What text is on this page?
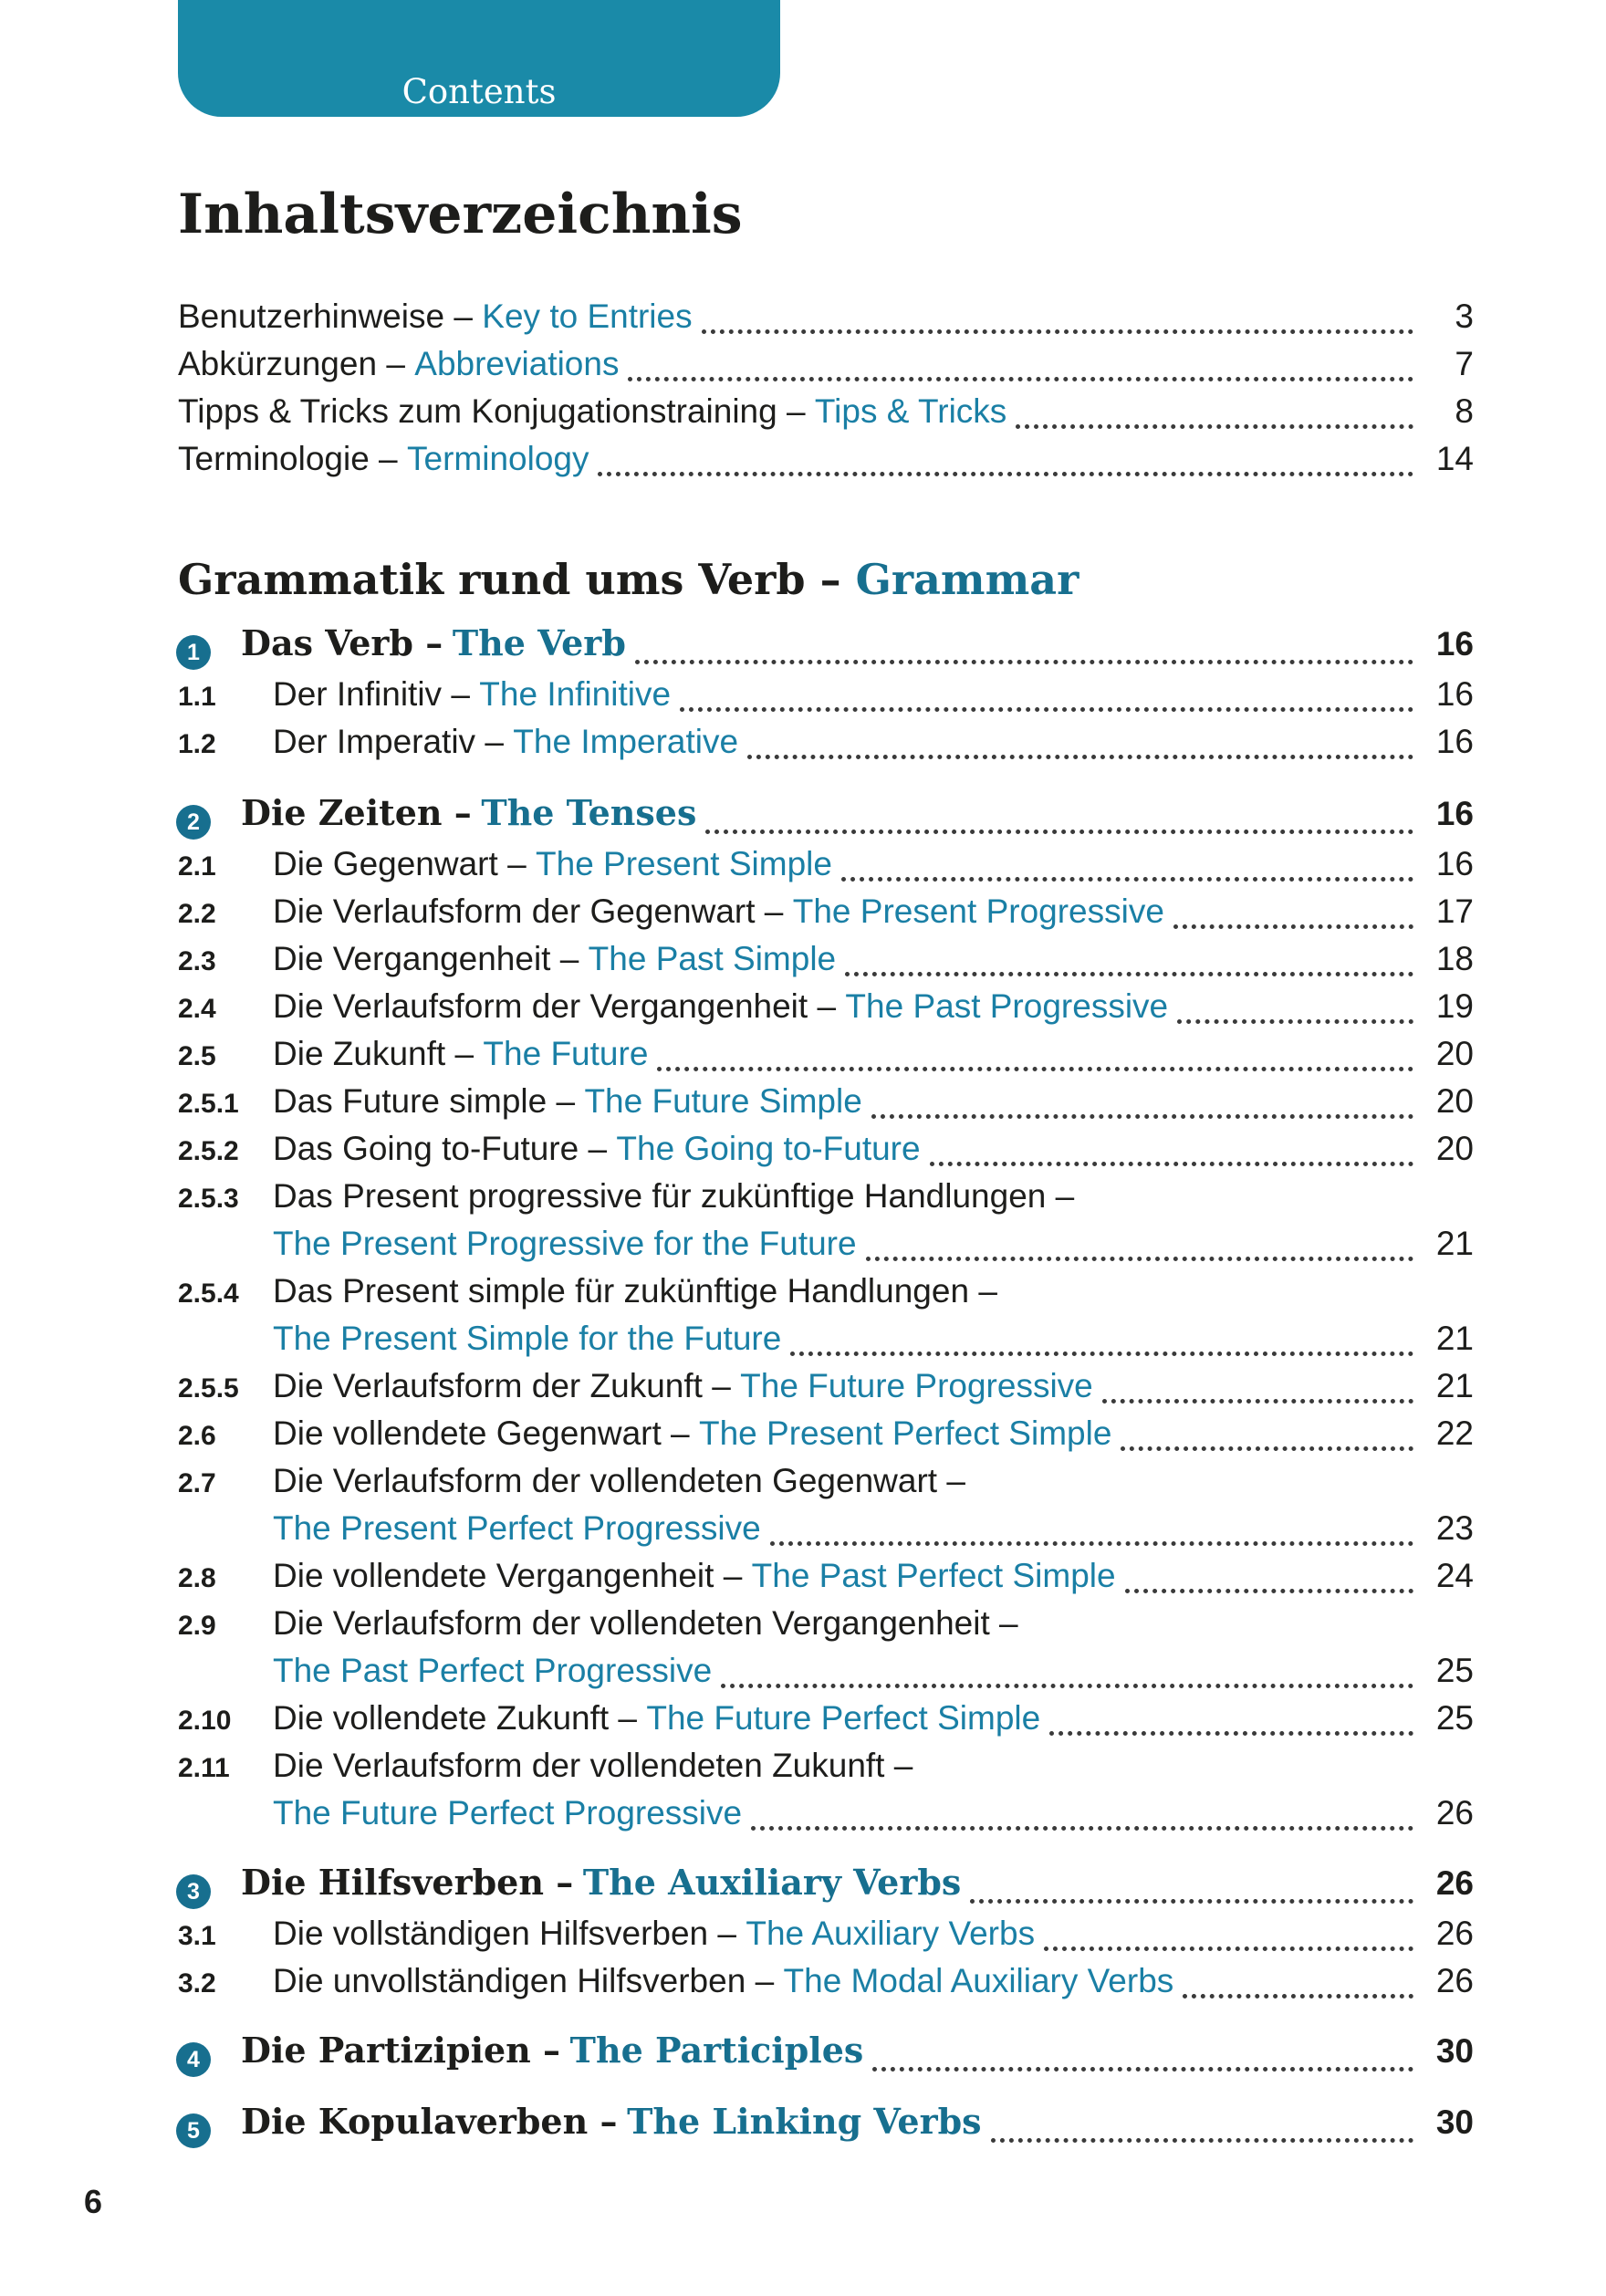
Contents
Inhaltsverzeichnis
Benutzerhinweise – Key to Entries	3
Abkürzungen – Abbreviations	7
Tipps & Tricks zum Konjugationstraining – Tips & Tricks	8
Terminologie – Terminology	14
Grammatik rund ums Verb – Grammar
1	Das Verb – The Verb	16
1.1	Der Infinitiv – The Infinitive	16
1.2	Der Imperativ – The Imperative	16
2	Die Zeiten – The Tenses	16
2.1	Die Gegenwart – The Present Simple	16
2.2	Die Verlaufsform der Gegenwart – The Present Progressive	17
2.3	Die Vergangenheit – The Past Simple	18
2.4	Die Verlaufsform der Vergangenheit – The Past Progressive	19
2.5	Die Zukunft – The Future	20
2.5.1	Das Future simple – The Future Simple	20
2.5.2	Das Going to-Future – The Going to-Future	20
2.5.3	Das Present progressive für zukünftige Handlungen –
The Present Progressive for the Future	21
2.5.4	Das Present simple für zukünftige Handlungen –
The Present Simple for the Future	21
2.5.5	Die Verlaufsform der Zukunft – The Future Progressive	21
2.6	Die vollendete Gegenwart – The Present Perfect Simple	22
2.7	Die Verlaufsform der vollendeten Gegenwart –
The Present Perfect Progressive	23
2.8	Die vollendete Vergangenheit – The Past Perfect Simple	24
2.9	Die Verlaufsform der vollendeten Vergangenheit –
The Past Perfect Progressive	25
2.10	Die vollendete Zukunft – The Future Perfect Simple	25
2.11	Die Verlaufsform der vollendeten Zukunft –
The Future Perfect Progressive	26
3	Die Hilfsverben – The Auxiliary Verbs	26
3.1	Die vollständigen Hilfsverben – The Auxiliary Verbs	26
3.2	Die unvollständigen Hilfsverben – The Modal Auxiliary Verbs	26
4	Die Partizipien – The Participles	30
5	Die Kopulaverben – The Linking Verbs	30
6
